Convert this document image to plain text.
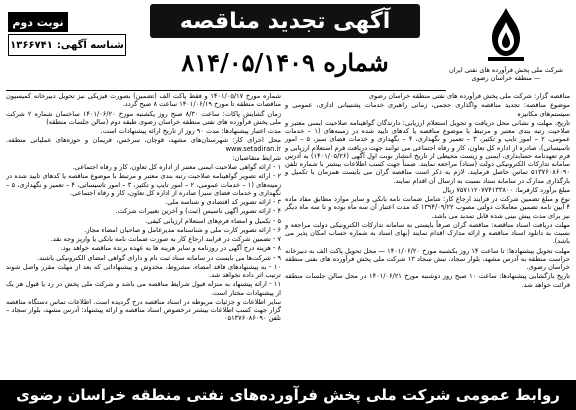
شرکت ملی پخش فرآورده های نفتی ایران — منطقه خراسان رضوی
آگهی تجدید مناقصه
نوبت دوم
شناسه آگهی:
۱۳۶۶۷۴۱
شماره ۸۱۴/۰۵/۱۴۰۹

مناقصه گزار: شرکت ملی پخش فرآورده های نفتی منطقه خراسان رضوی

موضوع مناقصه: تجدید مناقصه واگذاری حجمی، زمانی راهبری خدمات پشتیبانی اداری، عمومی و سیستم‌های مکانیزه

تاریخ، مهلت و نشانی محل دریافت و تحویل استعلام ارزیابی: دارندگان گواهینامه صلاحیت ایمنی معتبر و صلاحیت رتبه بندی معتبر و مرتبط با موضوع مناقصه یا کدهای تایید شده در زمینه‌های (۱ – خدمات عمومی، ۲ – امور تایپ و تکثیر، ۳ – تعمیر و نگهداری، ۴ – نگهداری و خدمات فضای سبز، ۵ – امور تاسیساتی)، صادره از اداره کل تعاون، کار و رفاه اجتماعی می توانند جهت دریافت فرم استعلام ارزیابی و فرم تعهدنامه حسابداری، ایمنی و زیست محیطی از تاریخ انتشار نوبت اول آگهی (۱۴۰۱/۰۵/۲۶) به آدرس سامانه تدارکات الکترونیکی دولت (ستاد) مراجعه نمایند. ضمناً جهت کسب اطلاعات بیشتر با شماره تلفن ۵۱۳۷۶۰۸۶۰۹۰ تماس حاصل فرمایند. لازم به ذکر است مناقصه گران می بایست همزمان با تکمیل و بارگذاری مدارک در سامانه ستاد نسبت به ارسال آن اقدام نمایند.

مبلغ برآورد کارفرما: ۷۵۷۱۱۲۰۷۷۴۱۳۳۸۰۰ ریال

نوع و مبلغ تضمین شرکت در فرایند ارجاع کار: شامل ضمانت نامه بانکی و سایر موارد مطابق مفاد ماده ۴ آیین نامه تضمین معاملات دولتی مصوب ۱۳۹۴/۰۹/۲۲ که مدت اعتبار آن سه ماه بوده و تا سه ماه دیگر نیز برای مدت پیش بینی شده قابل تمدید می باشد.

مهلت دریافت اسناد مناقصه: مناقصه گران صرفاً بایستی به سامانه تدارکات الکترونیکی دولت مراجعه و نسبت به دانلود اسناد مناقصه و ارائه مدارک اقدام نمایند (بهای اسناد به شماره حساب امکان پذیر می باشد).

مهلت تحویل پیشنهادها: تا ساعت ۱۴ روز یکشنبه مورخ ۱۴۰۱/۰۶/۲۰ — محل تحویل پاکت الف به دبیرخانه حراست منطقه به آدرس مشهد، بلوار سجاد، نبش سجاد ۱۳ شرکت ملی پخش فرآورده های نفتی منطقه خراسان رضوی.

تاریخ بازگشایی پیشنهادها: ساعت ۱۰ صبح روز دوشنبه مورخ ۱۴۰۱/۰۶/۲۱ در محل سالن جلسات منطقه قرائت خواهد شد.

شماره مورخ ۱۴۰۱/۰۵/۱۷ و فقط پاکت الف (تضمین) بصورت فیزیکی نیز تحویل دبیرخانه کمیسیون مناقصات منطقه تا مورخ ۱۴۰۱/۰۶/۱۹ ساعت ۸ صبح گردد.

زمان گشایش پاکات: ساعت ۸/۳۰ صبح روز یکشنبه مورخ ۱۴۰۱/۰۶/۲۰ ساختمان شماره ۲ شرکت ملی پخش فرآورده های نفتی منطقه خراسان رضوی طبقه دوم (سالن جلسات منطقه)

مدت اعتبار پیشنهادها: مدت ۹۰ روز از تاریخ ارائه پیشنهادات است.

محل اجرای کار: شهرستان‌های مشهد، قوچان، سرخس، فریمان و حوزه‌های عملیاتی منطقه. www.setadiran.ir

شرایط متقاضیان:

۱ - ارائه گواهی صلاحیت ایمنی معتبر از اداره کل تعاون، کار و رفاه اجتماعی.

۲ - ارائه تصویر گواهینامه صلاحیت رتبه بندی معتبر و مرتبط با موضوع مناقصه یا کدهای تایید شده در زمینه‌های (۱ – خدمات عمومی، ۲ – امور تایپ و تکثیر، ۳ – امور تاسیساتی، ۴ – تعمیر و نگهداری، ۵ – نگهداری و خدمات فضای سبز) صادره از اداره کل تعاون، کار و رفاه اجتماعی.

۳ - ارائه تصویر کد اقتصادی و شناسه ملی.

۴ - ارائه تصویر آگهی تاسیس (ثبت) و آخرین تغییرات شرکت.

۵ - تکمیل و امضاء فرم‌های استعلام ارزیابی کیفی.

۶ - ارائه تصویر کارت ملی و شناسنامه مدیرعامل و صاحبان امضاء مجاز.

۷ - تضمین شرکت در فرایند ارجاع کار به صورت ضمانت نامه بانکی یا واریز وجه نقد.

۸ - هزینه درج آگهی در روزنامه و سایر هزینه ها به عهده برنده مناقصه خواهد بود.

۹ - شرکت‌ها می بایست در سامانه ستاد ثبت نام و دارای گواهی امضای الکترونیکی باشند.

۱۰ - به پیشنهادهای فاقد امضاء، مشروط، مخدوش و پیشنهاداتی که بعد از مهلت مقرر واصل شوند ترتیب اثر داده نخواهد شد.

۱۱ - ارائه پیشنهاد به منزله قبول شرایط مناقصه می باشد و شرکت ملی پخش در رد یا قبول هر یک از پیشنهادات مختار است.

سایر اطلاعات و جزئیات مربوطه در اسناد مناقصه درج گردیده است. اطلاعات تماس دستگاه مناقصه گزار جهت کسب اطلاعات بیشتر درخصوص اسناد مناقصه و ارائه پیشنهاد: آدرس مشهد، بلوار سجاد – تلفن ۰۵۱۳۷۶۰۸۶۰۹۰

روابط عمومی شرکت ملی پخش فرآورده‌های نفتی منطقه خراسان رضوی
